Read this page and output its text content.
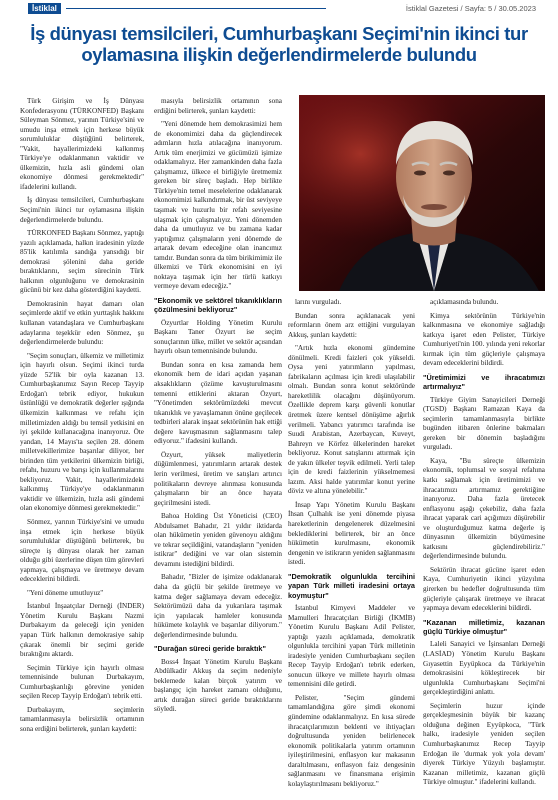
İstiklal	İstiklal Gazetesi / Sayfa: 5 / 30.05.2023
İş dünyası temsilcileri, Cumhurbaşkanı Seçimi'nin ikinci tur oylamasına ilişkin değerlendirmelerde bulundu

Türk Girişim ve İş Dünyası Konfederasyonu (TÜRKONFED) Başkanı Süleyman Sönmez, yarının Türkiye'sini ve umudu inşa etmek için herkese büyük sorumluluklar düştüğünü belirterek, "Vakit, hayallerimizdeki kalkınmış Türkiye'ye odaklanmanın vaktidir ve ülkemizin, hızla asli gündemi olan ekonomiye dönmesi gerekmektedir" ifadelerini kullandı.

İş dünyası temsilcileri, Cumhurbaşkanı Seçimi'nin ikinci tur oylamasına ilişkin değerlendirmelerde bulundu.

TÜRKONFED Başkanı Sönmez, yaptığı yazılı açıklamada, halkın iradesinin yüzde 85'lik katılımla sandığa yansıdığı bir demokrasi şölenini daha geride bıraktıklarını, seçim sürecinin Türk halkının olgunluğunu ve demokrasinin gücünü bir kez daha gösterdiğini kaydetti.

Demokrasinin hayat damarı olan seçimlerde aktif ve etkin yurttaşlık hakkını kullanan vatandaşlara ve Cumhurbaşkanı adaylarına teşekkür eden Sönmez, şu değerlendirmelerde bulundu:

"Seçim sonuçları, ülkemiz ve milletimiz için hayırlı olsun. Seçimi ikinci turda yüzde 52'lik bir oyla kazanan 13. Cumhurbaşkanımız Sayın Recep Tayyip Erdoğan'ı tebrik ediyor, hukukun üstünlüğü ve demokratik değerler ışığında ülkemizin kalkınması ve refahı için milletimizden aldığı bu temsil yetkisini en iyi şekilde kullanacağına inanıyoruz. Öte yandan, 14 Mayıs'ta seçilen 28. dönem milletvekillerimize başarılar diliyor, her birinden tüm yetkilerini ülkemizin birliği, refahı, huzuru ve barışı için kullanmalarını bekliyoruz. Vakit, hayallerimizdeki kalkınmış Türkiye'ye odaklanmanın vaktidir ve ülkemizin, hızla asli gündemi olan ekonomiye dönmesi gerekmektedir."

Sönmez, yarının Türkiye'sini ve umudu inşa etmek için herkese büyük sorumluluklar düştüğünü belirterek, bu süreçte iş dünyası olarak her zaman olduğu gibi üzerlerine düşen tüm görevleri yapmaya, çalışmaya ve üretmeye devam edeceklerini bildirdi.

"Yeni döneme umutluyuz"

İstanbul İnşaatçılar Derneği (İNDER) Yönetim Kurulu Başkanı Nazmi Durbakayım da geleceği için yeniden yapan Türk halkının demokrasiye sahip çıkarak önemli bir seçimi geride bıraktığını aktardı.

Seçimin Türkiye için hayırlı olması temennisinde bulunan Durbakayım, Cumhurbaşkanlığı görevine yeniden seçilen Recep Tayyip Erdoğan'ı tebrik etti.

Durbakayım, seçimlerin tamamlanmasıyla belirsizlik ortamının sona erdiğini belirterek, şunları kaydetti:

masıyla belirsizlik ortamının sona erdiğini belirterek, şunları kaydetti:

"Yeni dönemde hem demokrasimizi hem de ekonomimizi daha da güçlendirecek adımların hızla atılacağına inanıyorum. Artık tüm enerjimizi ve gücümüzü işimize odaklamalıyız. Her zamankinden daha fazla çalışmamız, ülkece el birliğiyle üretmemiz gereken bir süreç başladı. Hep birlikte Türkiye'nin temel meselelerine odaklanarak ekonomimizi kalkındırmak, bir üst seviyeye taşımak ve huzurlu bir refah seviyesine ulaşmak için çalışmalıyız. Yeni dönemden daha da umutluyuz ve bu zamana kadar yaptığımız çalışmaların yeni dönemde de artarak devam edeceğine olan inancımız tamdır. Bundan sonra da tüm birikimimiz ile ülkemizi ve Türk ekonomisini en iyi noktaya taşımak için her türlü katkıyı vermeye devam edeceğiz."

"Ekonomik ve sektörel tıkanıklıkların çözülmesini bekliyoruz"

Özyurtlar Holding Yönetim Kurulu Başkanı Taner Özyurt ise seçim sonuçlarının ülke, millet ve sektör açısından hayırlı olsun temennisinde bulundu.

Bundan sonra en kısa zamanda hem ekonomik hem de idari açıdan yaşanan aksaklıkların çözüme kavuşturulmasını temenni ettiklerini aktaran Özyurt, "Yönetimden sektörümüzdeki mevcut tıkanıklık ve yavaşlamanın önüne geçilecek tedbirleri alarak inşaat sektörünün hak ettiği değere kavuşmasının sağlanmasını talep ediyoruz." ifadesini kullandı.

Özyurt, yüksek maliyetlerin düğümlenmesi, yatırımların artarak destek lerin verilmesi, üretim ve satışları artırıcı politikaların devreye alınması konusunda çalışmaların bir an önce hayata geçirilmesini istedi.

Bahoa Holding Üst Yöneticisi (CEO) Abdulsamet Bahadır, 21 yıldır iktidarda olan hükümetin yeniden güvenoyu aldığını ve tekrar seçildiğini, vatandaşların "yeniden istikrar" dediğini ve var olan sistemin devamını istediğini bildirdi.

Bahadır, "Bizler de işimize odaklanarak daha da güçlü bir şekilde üretmeye ve katma değer sağlamaya devam edeceğiz. Sektörümüzü daha da yukarılara taşımak için yapılacak hamleler konusunda hükümete kolaylık ve başarılar diliyorum." değerlendirmesinde bulundu.

"Durağan süreci geride bıraktık"

Boss4 İnşaat Yönetim Kurulu Başkanı Abdülkadir Akkuş da seçim nedeniyle beklemede kalan birçok yatırım ve başlangıç için hareket zamanı olduğunu, artık durağan süreci geride bıraktıklarını söyledi.

larını vurguladı.

Bundan sonra açıklanacak yeni reformların önem arz ettiğini vurgulayan Akkuş, şunları kaydetti:

"Artık hızla ekonomi gündemine dönülmeli. Kredi faizleri çok yükseldi. Oysa yeni yatırımların yapılması, fabrikaların açılması için kredi ulaşılabilir olmalı. Bundan sonra konut sektöründe hareketlilik olacağını düşünüyorum. Özellikle deprem karşı güvenli konutlar üretmek üzere kentsel dönüşüme ağırlık verilmeli. Yabancı yatırımcı tarafında ise Suudi Arabistan, Azerbaycan, Kuveyt, Bahreyn ve Körfez ülkelerinden hareket bekliyoruz. Konut satışlarını attırmak için de yakın ülkeler teşvik edilmeli. Yerli talep için de kredi faizlerinin yükselmemesi lazım. Aksi halde yatırımlar konut yerine döviz ve altına yönelebilir."

İnsap Yapı Yönetim Kurulu Başkanı İhsan Çulhalık ise yeni dönemde piyasa hareketlerinin dengelenerek düzelmesini beklediklerini belirterek, bir an önce hükümetin kurulmasını, ekonomik dengenin ve istikrarın yeniden sağlanmasını istedi.

"Demokratik olgunlukla tercihini yapan Türk milleti iradesini ortaya koymuştur"

İstanbul Kimyevi Maddeler ve Mamulleri İhracatçıları Birliği (İKMİB) Yönetim Kurulu Başkanı Adil Pelister, yaptığı yazılı açıklamada, demokratik olgunlukla tercihini yapan Türk milletinin iradesiyle yeniden Cumhurbaşkanı seçilen Recep Tayyip Erdoğan'ı tebrik ederken, sonucun ülkeye ve millete hayırlı olması temennisini dile getirdi.

Pelister, "Seçim gündemi tamamlandığına göre şimdi ekonomi gündemine odaklanmalıyız. En kısa sürede ihracatçılarımızın beklenti ve ihtiyaçları doğrultusunda yeniden belirlenecek ekonomik politikalarla yatırım ortamının iyileştirilmesini, enflasyon kur makasının daraltılmasını, enflasyon faiz dengesinin sağlanmasını ve finansmana erişimin kolaylaştırılmasını bekliyoruz."

açıklamasında bulundu.

Kimya sektörünün Türkiye'nin kalkınmasına ve ekonomiye sağladığı katkıya işaret eden Pelister, Türkiye Cumhuriyeti'nin 100. yılında yeni rekorlar kırmak için tüm güçleriyle çalışmaya devam edeceklerini bildirdi.

"Üretimimizi ve ihracatımızı artırmalıyız"

Türkiye Giyim Sanayicileri Derneği (TGSD) Başkanı Ramazan Kaya da seçimlerin tamamlanmasıyla birlikte bugünden itibaren önlerine bakmaları gereken bir dönemin başladığını vurguladı.

Kaya, "Bu süreçte ülkemizin ekonomik, toplumsal ve sosyal refahına katkı sağlamak için üretimimizi ve ihracatımızı artırmamız gerektiğine inanıyoruz. Daha fazla üretecek enflasyonu aşağı çekebiliz, daha fazla ihracat yaparak cari açığımızı düşürebilir ve oluşturduğumuz katma değerle iş dünyasının ülkemizin büyümesine katkısını güçlendirebiliriz." değerlendirmesinde bulundu.

Sektörün ihracat gücüne işaret eden Kaya, Cumhuriyetin ikinci yüzyılına girerken bu hedefler doğrultusunda tüm güçleriyle çalışarak üretmeye ve ihracat yapmaya devam edeceklerini bildirdi.

"Kazanan milletimiz, kazanan güçlü Türkiye olmuştur"

Laleli Sanayici ve İşinsanları Derneği (LASİAD) Yönetim Kurulu Başkanı Gıyasettin Eyyüpkoca da Türkiye'nin demokrasisini kökleştirecek bir ulgunlukla Cumhurbaşkanı Seçimi'ni gerçekleştirdiğini anlattı.

Seçimlerin huzur içinde gerçekleşmesinin büyük bir kazanç olduğuna değinen Eyyüpkoca, "Türk halkı, iradesiyle yeniden seçilen Cumhurbaşkanımız Recep Tayyip Erdoğan ile 'durmak yok yola devam' diyerek Türkiye Yüzyılı başlamıştır. Kazanan milletimiz, kazanan güçlü Türkiye olmuştur." ifadelerini kullandı.
